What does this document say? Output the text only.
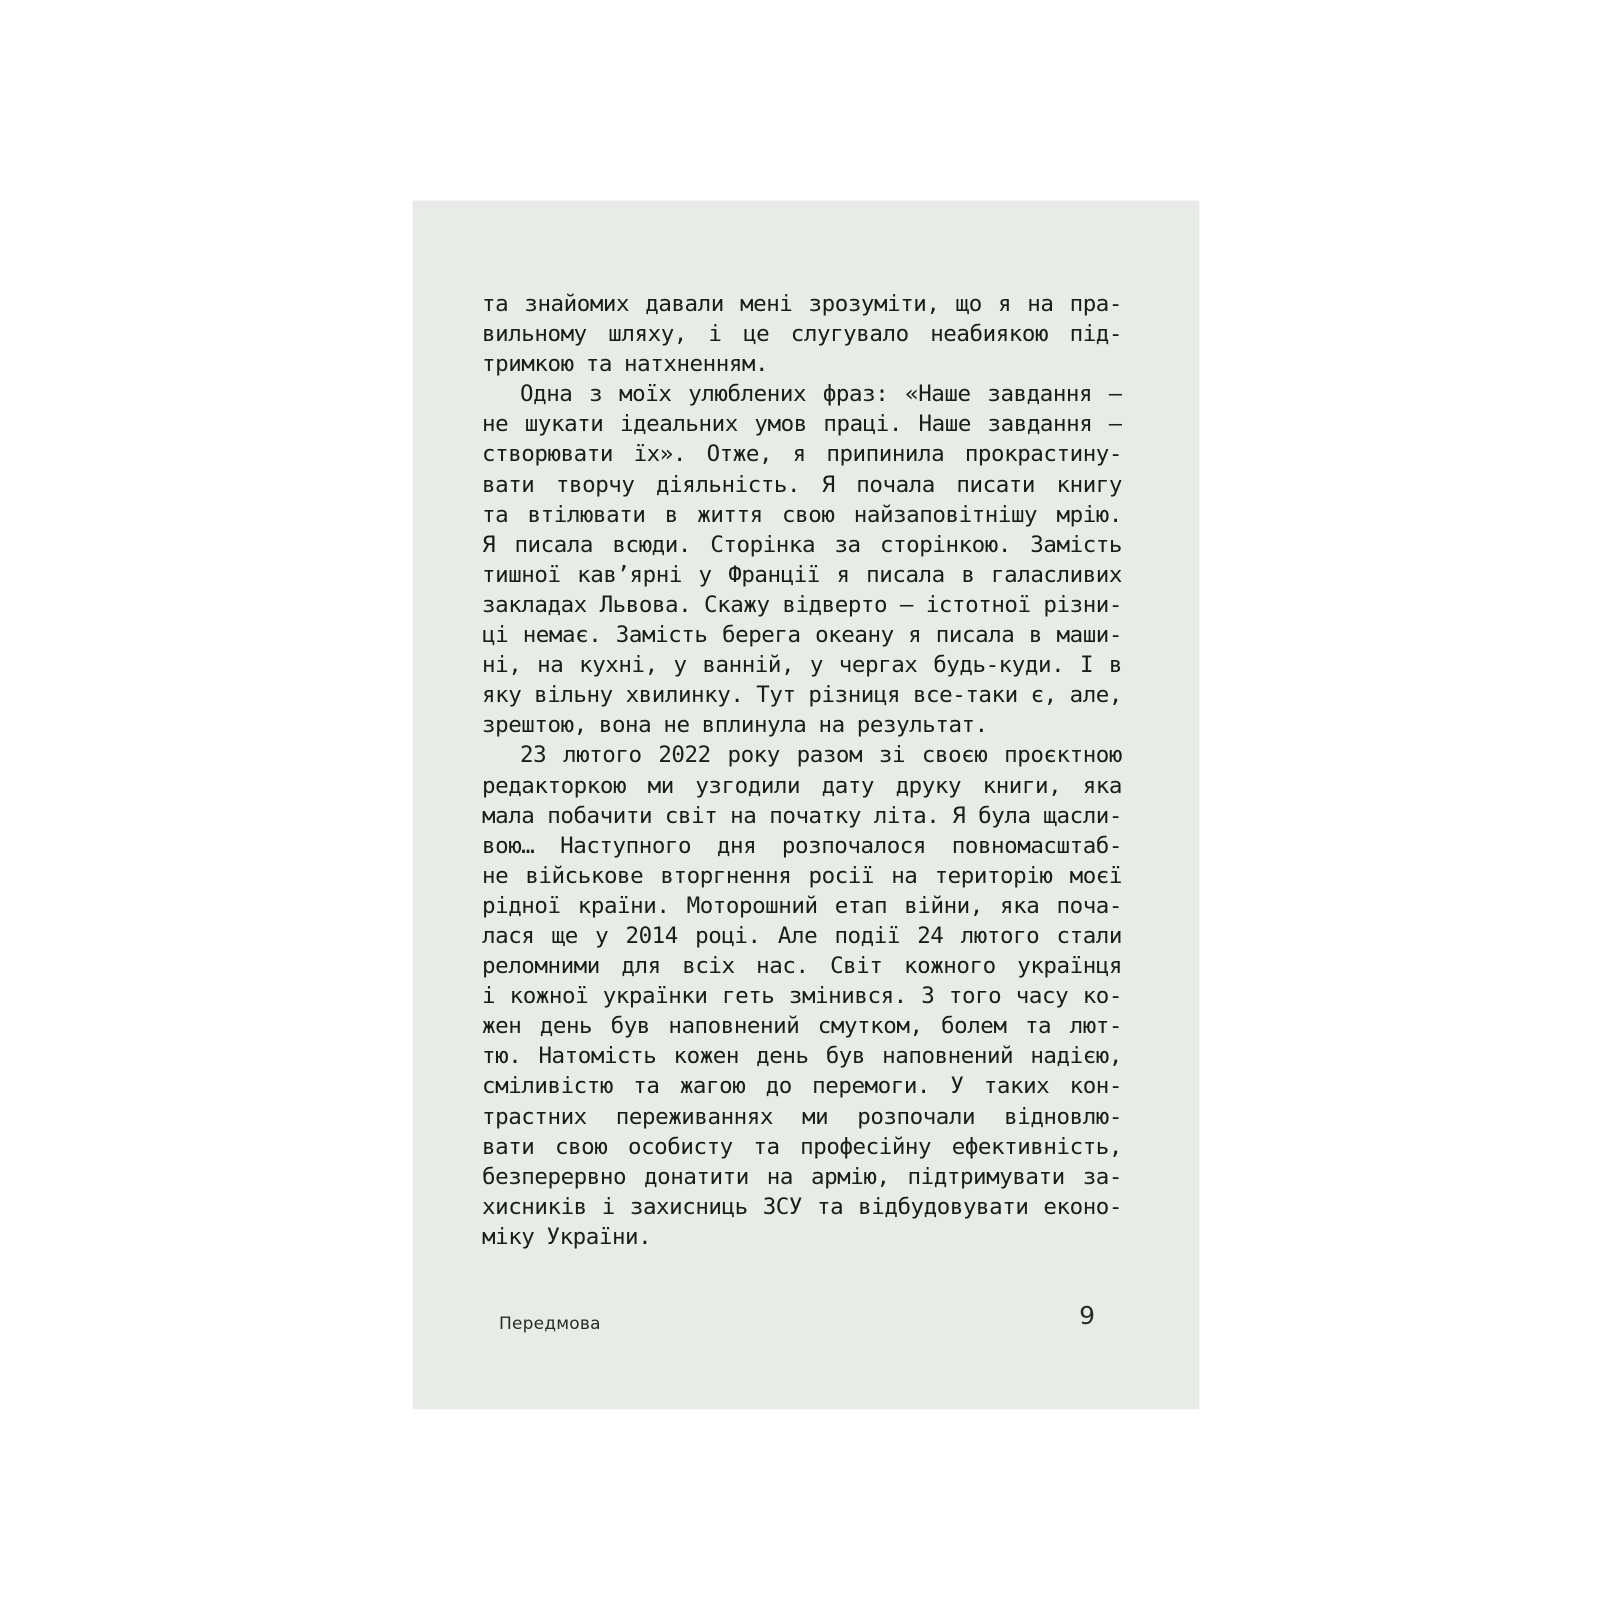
та знайомих давали мені зрозуміти, що я на пра-
вильному шляху, і це слугувало неабиякою під-
тримкою та натхненням.
Одна з моїх улюблених фраз: «Наше завдання —
не шукати ідеальних умов праці. Наше завдання —
створювати їх». Отже, я припинила прокрастину-
вати творчу діяльність. Я почала писати книгу
та втілювати в життя свою найзаповітнішу мрію.
Я писала всюди. Сторінка за сторінкою. Замість
тишної кав’ярні у Франції я писала в галасливих
закладах Львова. Скажу відверто — істотної різни-
ці немає. Замість берега океану я писала в маши-
ні, на кухні, у ванній, у чергах будь-куди. І в
яку вільну хвилинку. Тут різниця все-таки є, але,
зрештою, вона не вплинула на результат.
23 лютого 2022 року разом зі своєю проєктною
редакторкою ми узгодили дату друку книги, яка
мала побачити світ на початку літа. Я була щасли-
вою… Наступного дня розпочалося повномасштаб-
не військове вторгнення росії на територію моєї
рідної країни. Моторошний етап війни, яка поча-
лася ще у 2014 році. Але події 24 лютого стали
реломними для всіх нас. Світ кожного українця
і кожної українки геть змінився. З того часу ко-
жен день був наповнений смутком, болем та лют-
тю. Натомість кожен день був наповнений надією,
сміливістю та жагою до перемоги. У таких кон-
трастних переживаннях ми розпочали відновлю-
вати свою особисту та професійну ефективність,
безперервно донатити на армію, підтримувати за-
хисників і захисниць ЗСУ та відбудовувати еконо-
міку України.
Передмова	9
